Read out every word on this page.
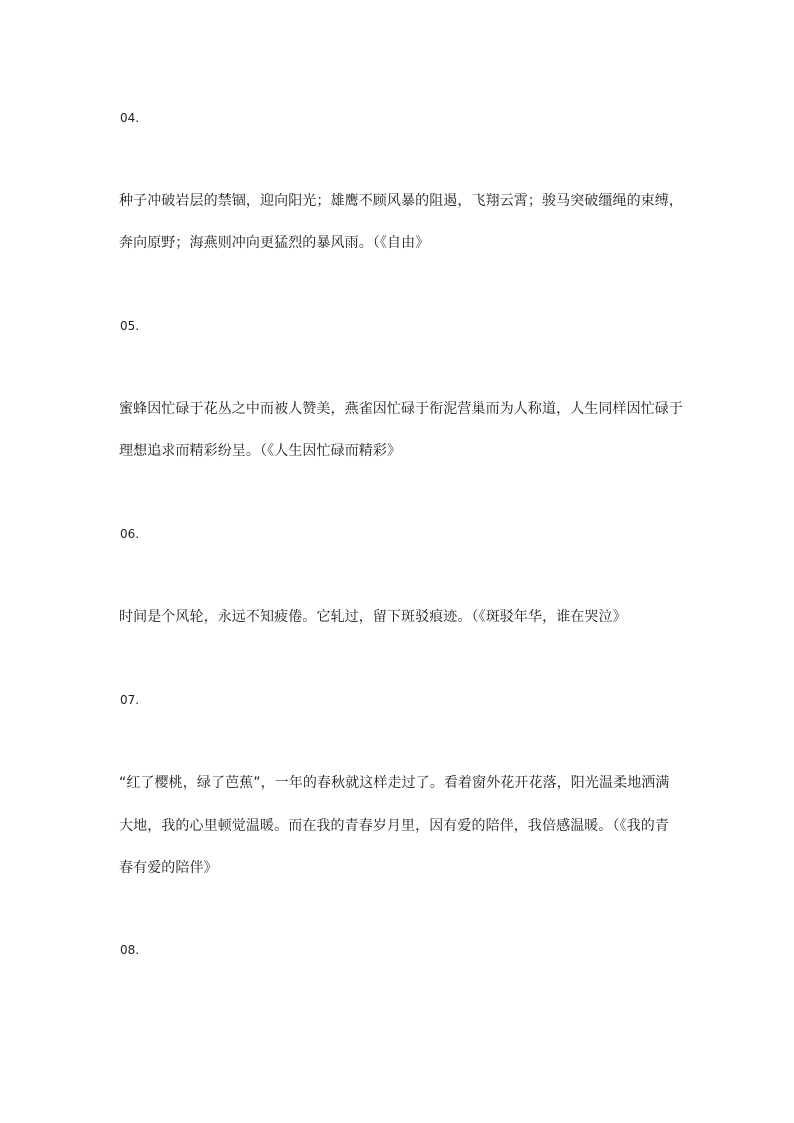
04.
种子冲破岩层的禁锢，迎向阳光；雄鹰不顾风暴的阻遏，飞翔云霄；骏马突破缰绳的束缚，
奔向原野；海燕则冲向更猛烈的暴风雨。（《自由》
05.
蜜蜂因忙碌于花丛之中而被人赞美，燕雀因忙碌于衔泥营巢而为人称道，人生同样因忙碌于
理想追求而精彩纷呈。（《人生因忙碌而精彩》
06.
时间是个风轮，永远不知疲倦。它轧过，留下斑驳痕迹。（《斑驳年华，谁在哭泣》
07.
“红了樱桃，绿了芭蕉”，一年的春秋就这样走过了。看着窗外花开花落，阳光温柔地洒满
大地，我的心里顿觉温暖。而在我的青春岁月里，因有爱的陪伴，我倍感温暖。（《我的青
春有爱的陪伴》
08.
